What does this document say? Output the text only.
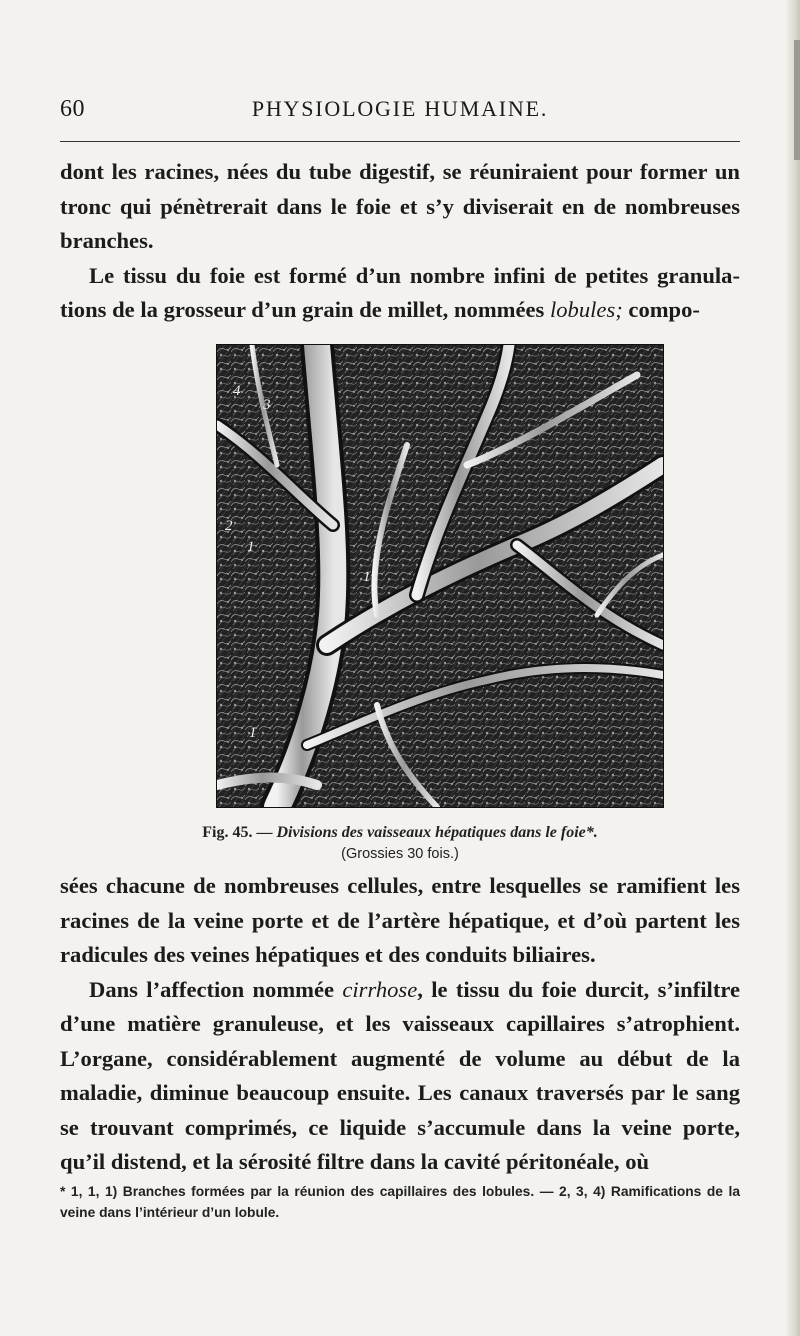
60	PHYSIOLOGIE HUMAINE.

dont les racines, nées du tube digestif, se réuniraient pour former un tronc qui pénètrerait dans le foie et s’y diviserait en de nombreuses branches.

Le tissu du foie est formé d’un nombre infini de petites granulations de la grosseur d’un grain de millet, nommées lobules; compo-

4
3
2
1
1
1
Fig. 45. — Divisions des vaisseaux hépatiques dans le foie*.
(Grossies 30 fois.)

sées chacune de nombreuses cellules, entre lesquelles se ramifient les racines de la veine porte et de l’artère hépatique, et d’où partent les radicules des veines hépatiques et des conduits biliaires.

Dans l’affection nommée cirrhose, le tissu du foie durcit, s’infiltre d’une matière granuleuse, et les vaisseaux capillaires s’atrophient. L’organe, considérablement augmenté de volume au début de la maladie, diminue beaucoup ensuite. Les canaux traversés par le sang se trouvant comprimés, ce liquide s’accumule dans la veine porte, qu’il distend, et la sérosité filtre dans la cavité péritonéale, où

* 1, 1, 1) Branches formées par la réunion des capillaires des lobules. — 2, 3, 4) Ramifications de la veine dans l’intérieur d’un lobule.
